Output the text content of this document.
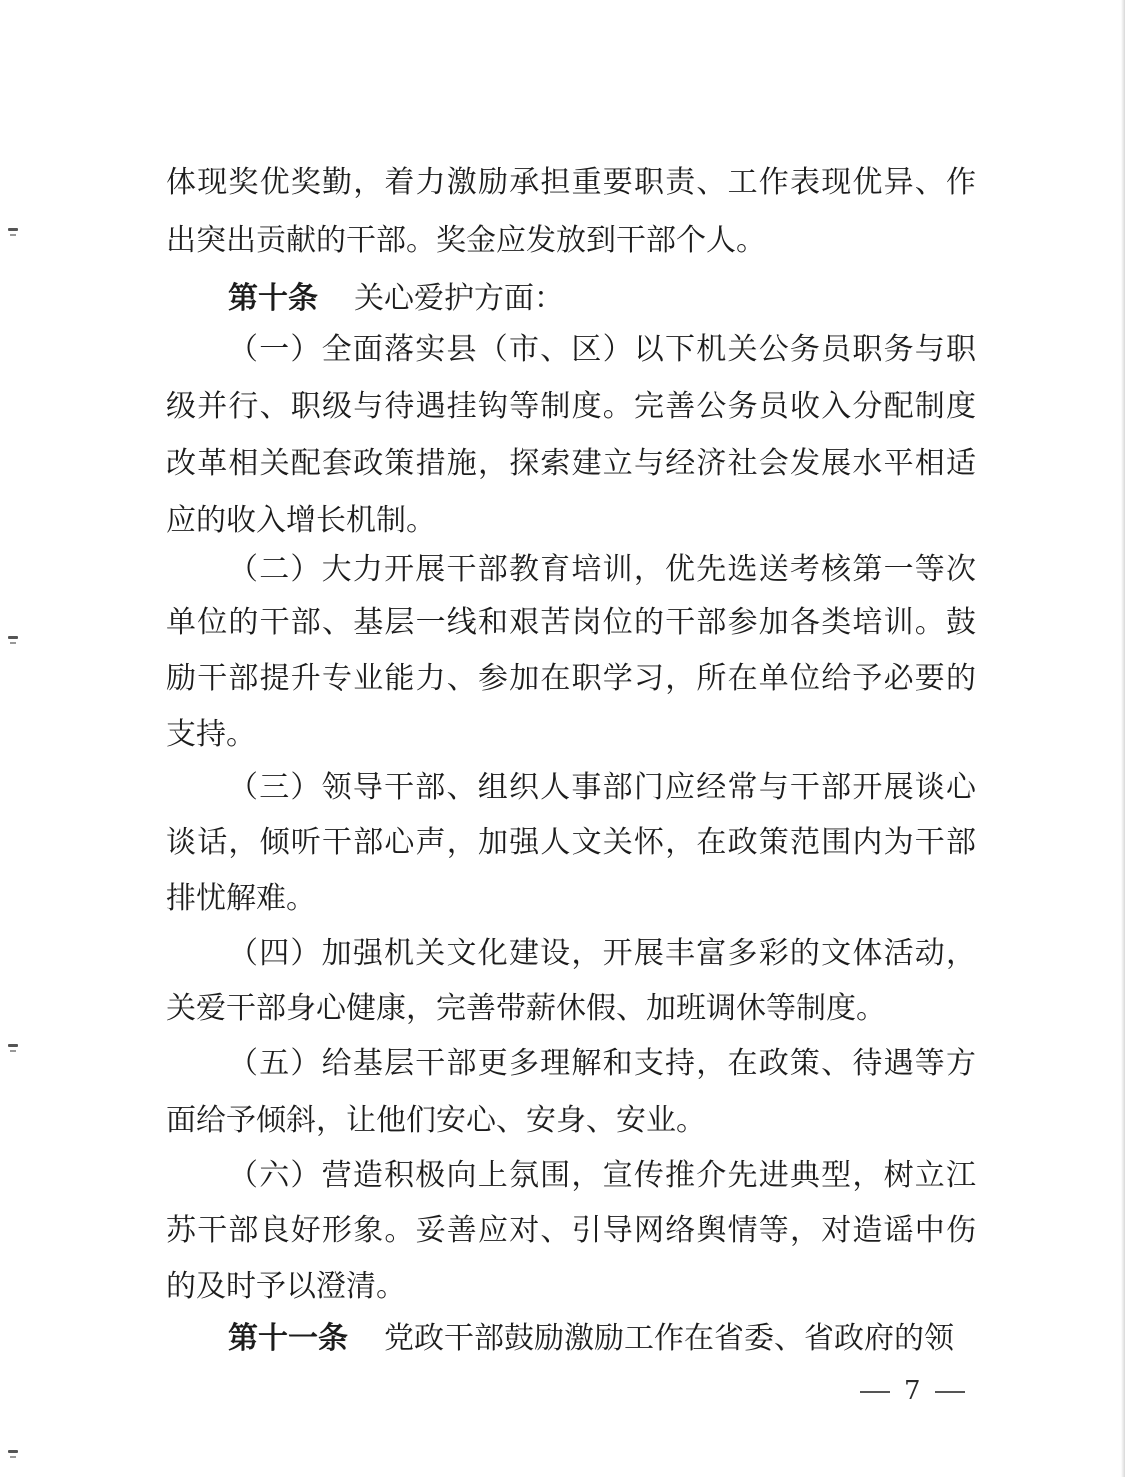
体现奖优奖勤，着力激励承担重要职责、工作表现优异、作
出突出贡献的干部。奖金应发放到干部个人。
第十条 关心爱护方面：
（一）全面落实县（市、区）以下机关公务员职务与职
级并行、职级与待遇挂钩等制度。完善公务员收入分配制度
改革相关配套政策措施，探索建立与经济社会发展水平相适
应的收入增长机制。
（二）大力开展干部教育培训，优先选送考核第一等次
单位的干部、基层一线和艰苦岗位的干部参加各类培训。鼓
励干部提升专业能力、参加在职学习，所在单位给予必要的
支持。
（三）领导干部、组织人事部门应经常与干部开展谈心
谈话，倾听干部心声，加强人文关怀，在政策范围内为干部
排忧解难。
（四）加强机关文化建设，开展丰富多彩的文体活动，
关爱干部身心健康，完善带薪休假、加班调休等制度。
（五）给基层干部更多理解和支持，在政策、待遇等方
面给予倾斜，让他们安心、安身、安业。
（六）营造积极向上氛围，宣传推介先进典型，树立江
苏干部良好形象。妥善应对、引导网络舆情等，对造谣中伤
的及时予以澄清。
第十一条 党政干部鼓励激励工作在省委、省政府的领
7
